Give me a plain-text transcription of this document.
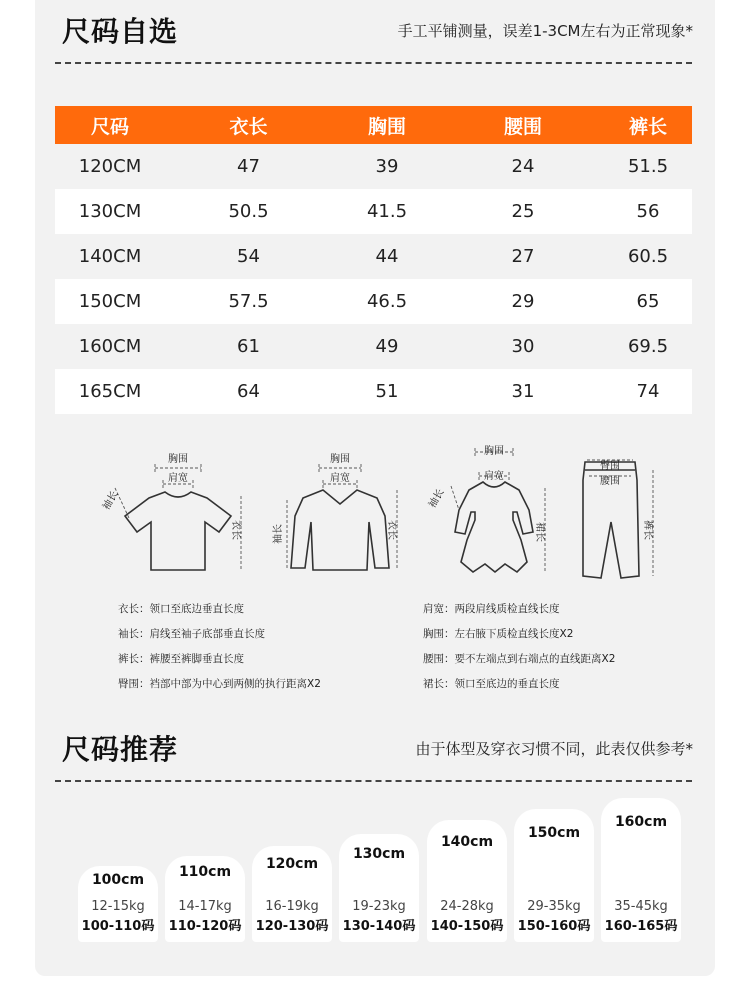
尺码自选	手工平铺测量，误差1-3CM左右为正常现象*
尺码	衣长	胸围	腰围	裤长
120CM	47	39	24	51.5
130CM	50.5	41.5	25	56
140CM	54	44	27	60.5
150CM	57.5	46.5	29	65
160CM	61	49	30	69.5
165CM	64	51	31	74
胸围
肩宽
衣长
袖长
胸围
肩宽
衣长
袖长
胸围
肩宽
裙长
袖长
臀围
腰围
裤长
衣长：领口至底边垂直长度
袖长：肩线至袖子底部垂直长度
裤长：裤腰至裤脚垂直长度
臀围：裆部中部为中心到两侧的执行距离X2
肩宽：两段肩线质检直线长度
胸围：左右腋下质检直线长度X2
腰围：要不左端点到右端点的直线距离X2
裙长：领口至底边的垂直长度
尺码推荐	由于体型及穿衣习惯不同，此表仅供参考*
100cm
12-15kg
100-110码
110cm
14-17kg
110-120码
120cm
16-19kg
120-130码
130cm
19-23kg
130-140码
140cm
24-28kg
140-150码
150cm
29-35kg
150-160码
160cm
35-45kg
160-165码
